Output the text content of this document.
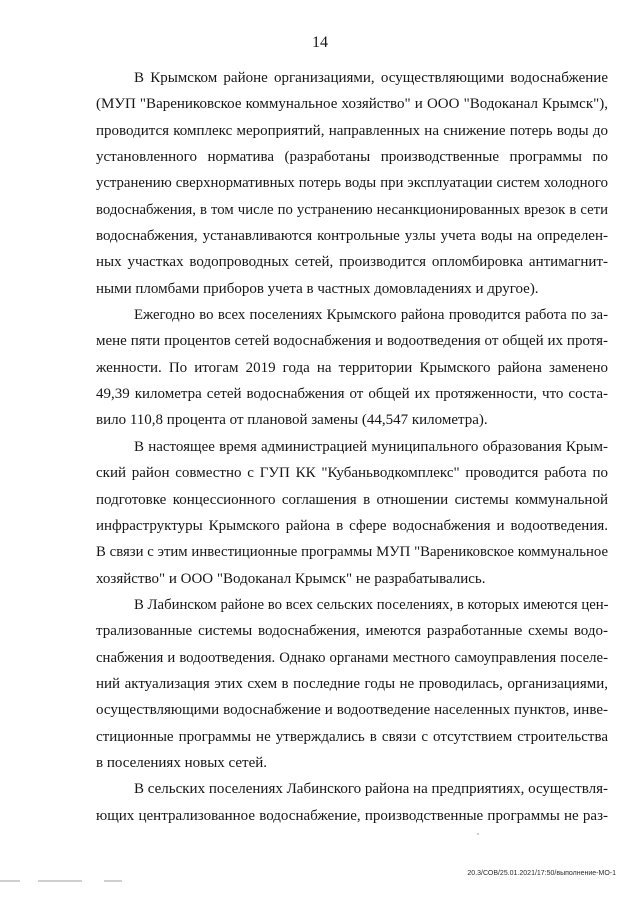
14
В Крымском районе организациями, осуществляющими водоснабжение
(МУП "Варениковское коммунальное хозяйство" и ООО "Водоканал Крымск"),
проводится комплекс мероприятий, направленных на снижение потерь воды до
установленного норматива (разработаны производственные программы по
устранению сверхнормативных потерь воды при эксплуатации систем холодного
водоснабжения, в том числе по устранению несанкционированных врезок в сети
водоснабжения, устанавливаются контрольные узлы учета воды на определен-
ных участках водопроводных сетей, производится опломбировка антимагнит-
ными пломбами приборов учета в частных домовладениях и другое).
Ежегодно во всех поселениях Крымского района проводится работа по за-
мене пяти процентов сетей водоснабжения и водоотведения от общей их протя-
женности. По итогам 2019 года на территории Крымского района заменено
49,39 километра сетей водоснабжения от общей их протяженности, что соста-
вило 110,8 процента от плановой замены (44,547 километра).
В настоящее время администрацией муниципального образования Крым-
ский район совместно с ГУП КК "Кубаньводкомплекс" проводится работа по
подготовке концессионного соглашения в отношении системы коммунальной
инфраструктуры Крымского района в сфере водоснабжения и водоотведения.
В связи с этим инвестиционные программы МУП "Варениковское коммунальное
хозяйство" и ООО "Водоканал Крымск" не разрабатывались.
В Лабинском районе во всех сельских поселениях, в которых имеются цен-
трализованные системы водоснабжения, имеются разработанные схемы водо-
снабжения и водоотведения. Однако органами местного самоуправления поселе-
ний актуализация этих схем в последние годы не проводилась, организациями,
осуществляющими водоснабжение и водоотведение населенных пунктов, инве-
стиционные программы не утверждались в связи с отсутствием строительства
в поселениях новых сетей.
В сельских поселениях Лабинского района на предприятиях, осуществля-
ющих централизованное водоснабжение, производственные программы не раз-
20.3/СОВ/25.01.2021/17:50/выполнение-МО-1
